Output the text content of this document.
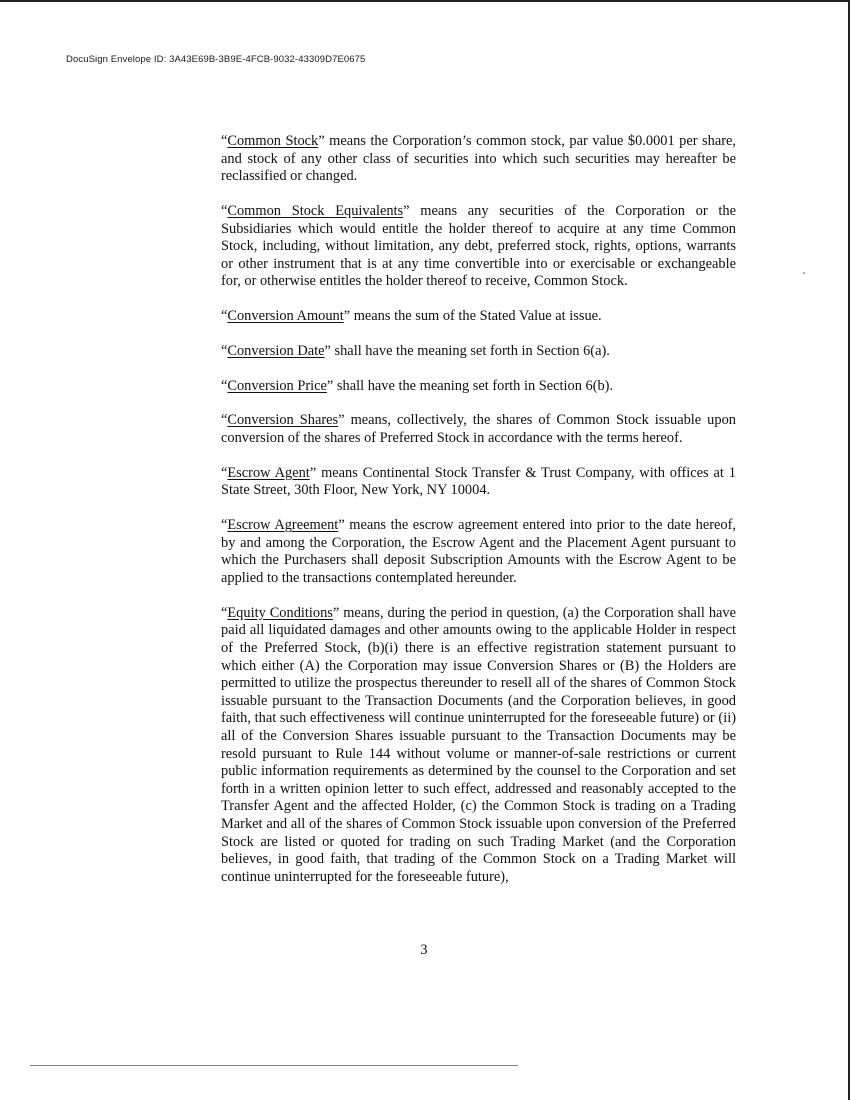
DocuSign Envelope ID: 3A43E69B-3B9E-4FCB-9032-43309D7E0675

“Common Stock” means the Corporation’s common stock, par value $0.0001 per share, and stock of any other class of securities into which such securities may hereafter be reclassified or changed.

“Common Stock Equivalents” means any securities of the Corporation or the Subsidiaries which would entitle the holder thereof to acquire at any time Common Stock, including, without limitation, any debt, preferred stock, rights, options, warrants or other instrument that is at any time convertible into or exercisable or exchangeable for, or otherwise entitles the holder thereof to receive, Common Stock.

“Conversion Amount” means the sum of the Stated Value at issue.

“Conversion Date” shall have the meaning set forth in Section 6(a).

“Conversion Price” shall have the meaning set forth in Section 6(b).

“Conversion Shares” means, collectively, the shares of Common Stock issuable upon conversion of the shares of Preferred Stock in accordance with the terms hereof.

“Escrow Agent” means Continental Stock Transfer & Trust Company, with offices at 1 State Street, 30th Floor, New York, NY 10004.

“Escrow Agreement” means the escrow agreement entered into prior to the date hereof, by and among the Corporation, the Escrow Agent and the Placement Agent pursuant to which the Purchasers shall deposit Subscription Amounts with the Escrow Agent to be applied to the transactions contemplated hereunder.

“Equity Conditions” means, during the period in question, (a) the Corporation shall have paid all liquidated damages and other amounts owing to the applicable Holder in respect of the Preferred Stock, (b)(i) there is an effective registration statement pursuant to which either (A) the Corporation may issue Conversion Shares or (B) the Holders are permitted to utilize the prospectus thereunder to resell all of the shares of Common Stock issuable pursuant to the Transaction Documents (and the Corporation believes, in good faith, that such effectiveness will continue uninterrupted for the foreseeable future) or (ii) all of the Conversion Shares issuable pursuant to the Transaction Documents may be resold pursuant to Rule 144 without volume or manner-of-sale restrictions or current public information requirements as determined by the counsel to the Corporation and set forth in a written opinion letter to such effect, addressed and reasonably accepted to the Transfer Agent and the affected Holder, (c) the Common Stock is trading on a Trading Market and all of the shares of Common Stock issuable upon conversion of the Preferred Stock are listed or quoted for trading on such Trading Market (and the Corporation believes, in good faith, that trading of the Common Stock on a Trading Market will continue uninterrupted for the foreseeable future),

3
